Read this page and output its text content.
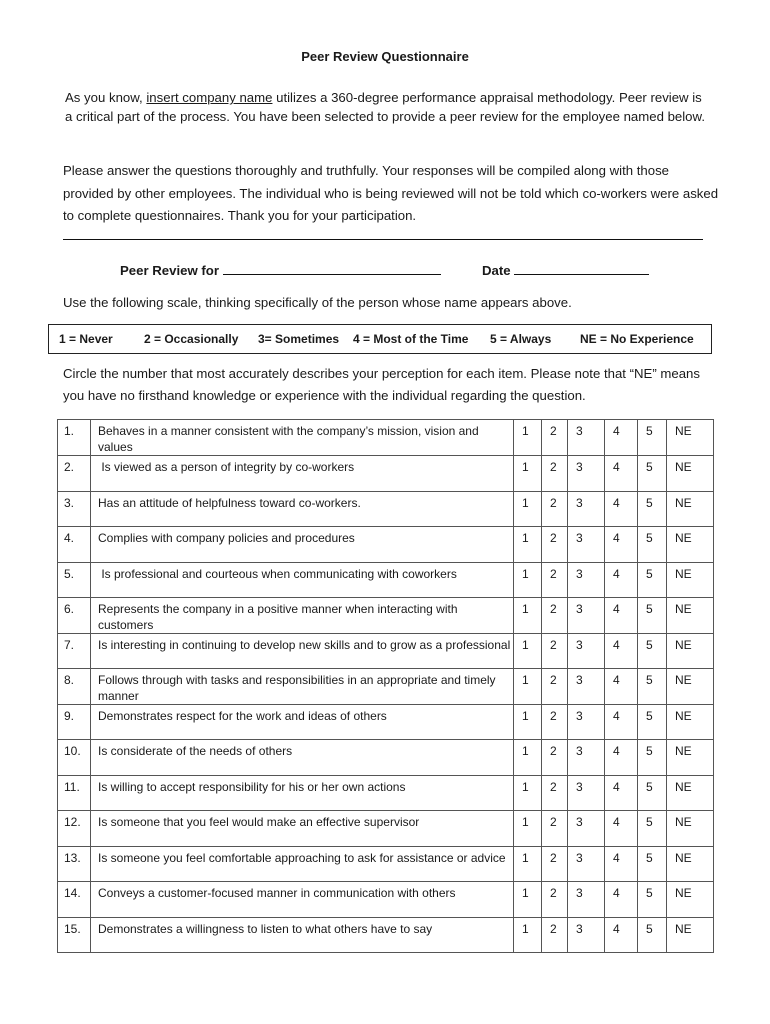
Peer Review Questionnaire
As you know, insert company name utilizes a 360-degree performance appraisal methodology. Peer review is a critical part of the process. You have been selected to provide a peer review for the employee named below.
Please answer the questions thoroughly and truthfully. Your responses will be compiled along with those provided by other employees. The individual who is being reviewed will not be told which co-workers were asked to complete questionnaires. Thank you for your participation.
Peer Review for	Date
Use the following scale, thinking specifically of the person whose name appears above.
1 = Never	2 = Occasionally 3= Sometimes 4 = Most of the Time 5 = Always NE = No Experience
Circle the number that most accurately describes your perception for each item. Please note that “NE” means you have no firsthand knowledge or experience with the individual regarding the question.
1.	Behaves in a manner consistent with the company’s mission, vision and values	1	2	3	4	5	NE
2.	Is viewed as a person of integrity by co-workers	1	2	3	4	5	NE
3.	Has an attitude of helpfulness toward co-workers.	1	2	3	4	5	NE
4.	Complies with company policies and procedures	1	2	3	4	5	NE
5.	Is professional and courteous when communicating with coworkers	1	2	3	4	5	NE
6.	Represents the company in a positive manner when interacting with customers	1	2	3	4	5	NE
7.	Is interesting in continuing to develop new skills and to grow as a professional	1	2	3	4	5	NE
8.	Follows through with tasks and responsibilities in an appropriate and timely manner	1	2	3	4	5	NE
9.	Demonstrates respect for the work and ideas of others	1	2	3	4	5	NE
10.	Is considerate of the needs of others	1	2	3	4	5	NE
11.	Is willing to accept responsibility for his or her own actions	1	2	3	4	5	NE
12.	Is someone that you feel would make an effective supervisor	1	2	3	4	5	NE
13.	Is someone you feel comfortable approaching to ask for assistance or advice	1	2	3	4	5	NE
14.	Conveys a customer-focused manner in communication with others	1	2	3	4	5	NE
15.	Demonstrates a willingness to listen to what others have to say	1	2	3	4	5	NE
